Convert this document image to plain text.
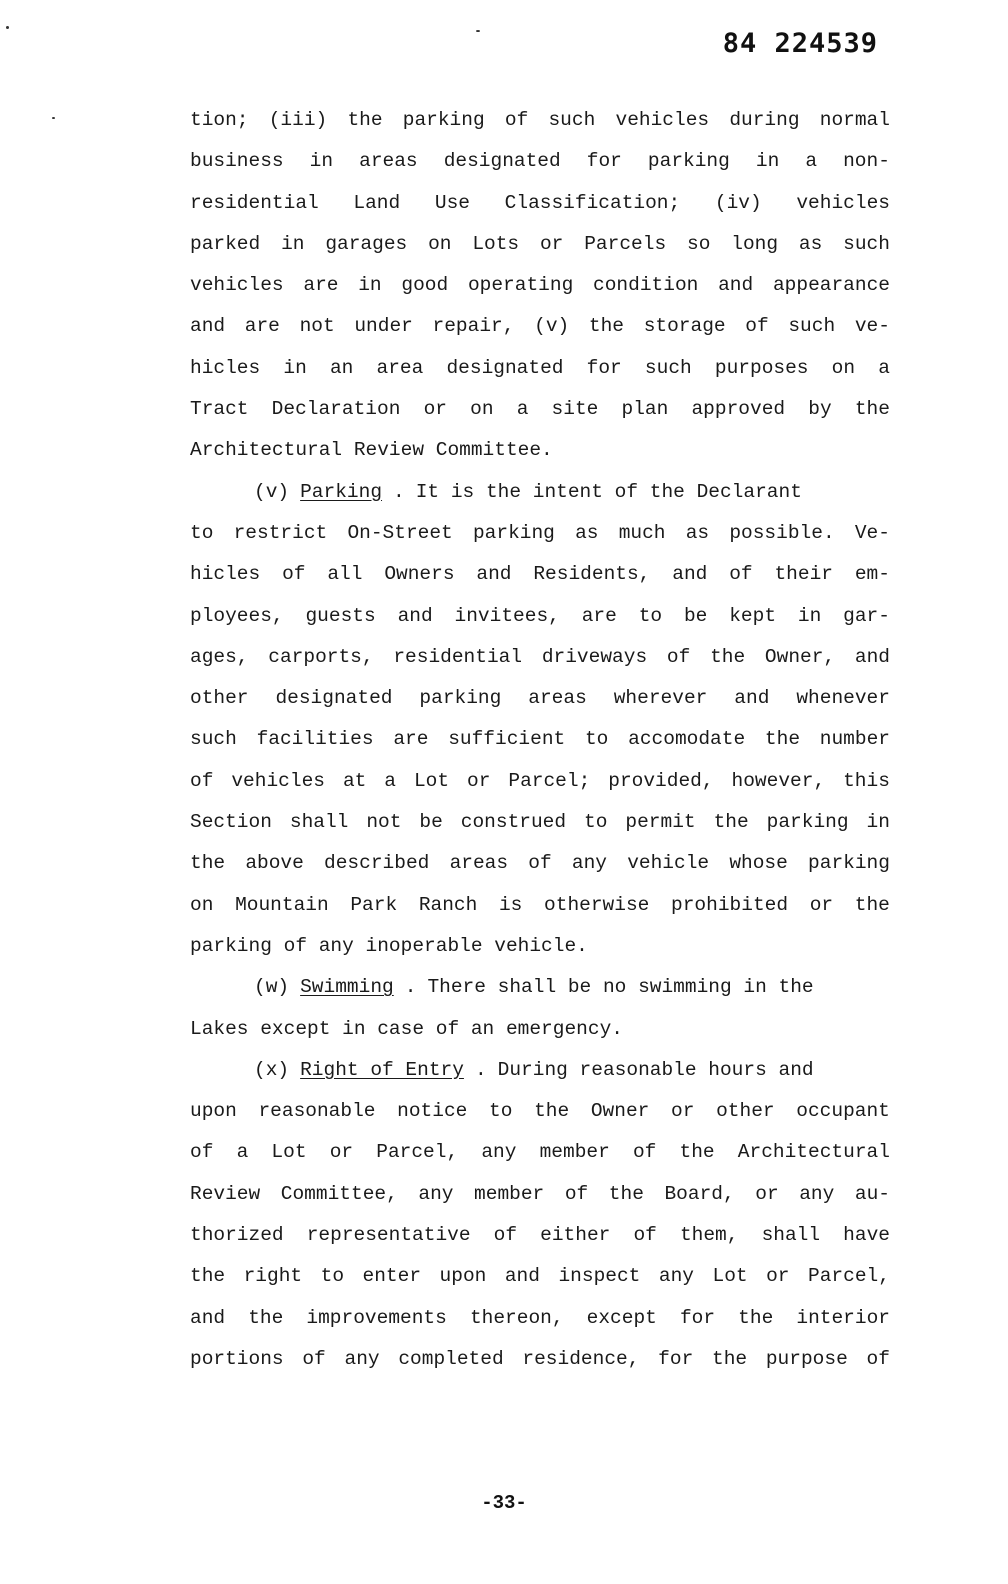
84 224539
tion; (iii) the parking of such vehicles during normal
business in areas designated for parking in a non-
residential Land Use Classification; (iv) vehicles
parked in garages on Lots or Parcels so long as such
vehicles are in good operating condition and appearance
and are not under repair, (v) the storage of such ve-
hicles in an area designated for such purposes on a
Tract Declaration or on a site plan approved by the
Architectural Review Committee.
(v) Parking . It is the intent of the Declarant
to restrict On-Street parking as much as possible. Ve-
hicles of all Owners and Residents, and of their em-
ployees, guests and invitees, are to be kept in gar-
ages, carports, residential driveways of the Owner, and
other designated parking areas wherever and whenever
such facilities are sufficient to accomodate the number
of vehicles at a Lot or Parcel; provided, however, this
Section shall not be construed to permit the parking in
the above described areas of any vehicle whose parking
on Mountain Park Ranch is otherwise prohibited or the
parking of any inoperable vehicle.
(w) Swimming . There shall be no swimming in the
Lakes except in case of an emergency.
(x) Right of Entry . During reasonable hours and
upon reasonable notice to the Owner or other occupant
of a Lot or Parcel, any member of the Architectural
Review Committee, any member of the Board, or any au-
thorized representative of either of them, shall have
the right to enter upon and inspect any Lot or Parcel,
and the improvements thereon, except for the interior
portions of any completed residence, for the purpose of
-33-
